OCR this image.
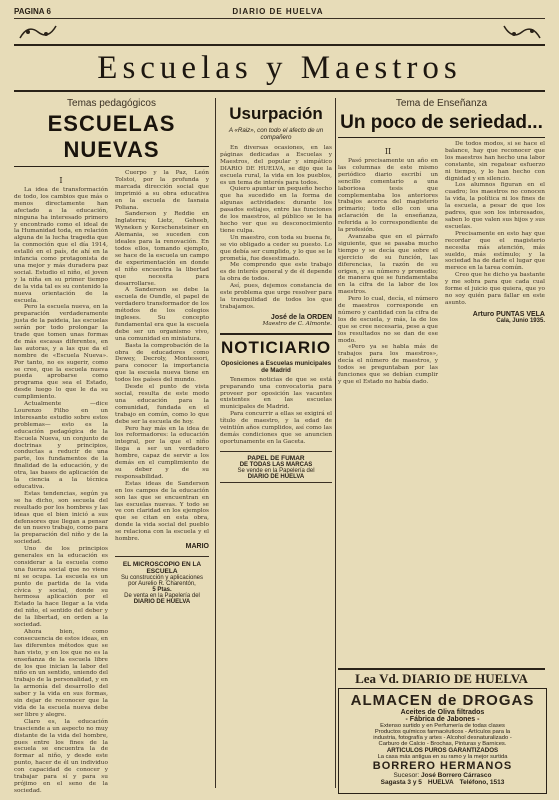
PAGINA 6	DIARIO DE HUELVA
Escuelas y Maestros
Temas pedagógicos
ESCUELAS NUEVAS
I

La idea de transformación de todo, los cambios que más o menos directamente han afectado a la educación, ninguna ha interesado primero y encontrado como el ideal de la Humanidad toda, en relación alguna de la lucha tragedia que la conmoción que el día 1914, estalló en el país, de ahí en la infancia como protagonista de una mejor y más duradera paz social. Estudio el niño, el joven y la niña en su primer tiempo de la vida tal es su contenido la nueva orientación de la escuela.

Pero la escuela nueva, en la preparación verdaderamente justa de la paideia, las escuelas serán por todo prolongar la trade que tomen unas formas de más escasas diferentes, en las autoras, y a las que da el nombre de «Escuela Nueva». Por tanto, no es sugerir, como se cree, que la escuela nueva pueda aprobarse como programa que sea el Estado, desde luego lo que le da su cumplimiento.

Actualmente —dice Lourenzo Filho en un interesante estudio sobre estos problemas— esto es la educación pedagógica de la Escuela Nueva, un conjunto de doctrinas y principios, conductas a reducir de una parte, los fundamentos de la finalidad de la educación, y de otra, las bases de aplicación de la ciencia a la técnica educativa.

Estas tendencias, según ya se ha dicho, son secuela del resultado por los hombres y las ideas que el bien inició a sus defensores que llegan a pensar de un nuevo trabajo, como para la preparación del niño y de la sociedad.

Uno de los principios generales en la educación es considerar a la escuela como una fuerza social que no viene ni se ocupa. La escuela es un punto de partida de la vida cívica y social, donde su hermosa aplicación por el Estado la hace llegar a la vida del niño, el sentido del deber y de la libertad, en orden a la sociedad.

Ahora bien, como consecuencia de estos ideas, en las diferentes métodos que se han visto, y en los que no es la enseñanza de la escuela libre de los que inician la labor del niño en un sentido, uniendo del trabajo de la personalidad, y en la armonía del desarrollo del saber y la vida en sus formas, sin dejar de reconocer que la vida de la escuela nueva debe ser libre y alegre.

Claro es, la educación trasciende a un aspecto no muy distante de la vida del hombre, pues entre los fines de la escuela se encuentra la de formar al niño, y desde este punto, hacer de él un individuo con capacidad de conocer y trabajar para sí y para su prójimo en el seno de la sociedad.

Cuerpo y la Paz, León Tolstoi, por la profunda y marcada dirección social que imprimió a su obra educativa en la escuela de Iasnaia Poliana.

Sanderson y Reddie en Inglaterra; Lietz, Geheeb, Wyneken y Kerschensteiner en Alemania, se suceden con ideales para la renovación. En todos ellos, tomando ejemplo, se hace de la escuela un campo de experimentación en donde el niño encuentra la libertad que necesita para desarrollarse.

A Sanderson se debe la escuela de Oundle, el papel de verdadero transformador de los métodos de los colegios ingleses. Su concepto fundamental era que la escuela debe ser un organismo vivo, una comunidad en miniatura.

Basta la comprobación de la obra de educadores como Dewey, Decroly, Montessori, para conocer la importancia que la escuela nueva tiene en todos los países del mundo.

Desde el punto de vista social, resulta de este modo una educación para la comunidad, fundada en el trabajo en común, como lo que debe ser la escuela de hoy.

Pero hay más en la idea de los reformadores: la educación integral, por la que el niño llega a ser un verdadero hombre, capaz de servir a los demás en el cumplimiento de su deber y de su responsabilidad.

Estas ideas de Sanderson en los campos de la educación son las que se encuentran en las escuelas nuevas. Y todo se ve con claridad en los ejemplos que se citan en esta obra, donde la vida social del pueblo se relaciona con la escuela y el hombre.

MARIO
EL MICROSCOPIO EN LA ESCUELA
Su construcción y aplicaciones
por Aurelio R. Charentón,
5 Ptas.
De venta en la Papelería del
DIARIO DE HUELVA
Usurpación
A «Raiz», con todo el afecto de un compañero

En diversas ocasiones, en las páginas dedicadas a Escuelas y Maestros, del popular y simpático DIARIO DE HUELVA, se dijo que la escuela rural, la vida en los pueblos, es un tema de interés para todos.

Quiero apuntar un pequeño hecho que ha sucedido en la forma de algunas actividades: durante los pasados estiajes, entre las funciones de los maestros, al público se le ha hecho ver que su desconocimiento tiene culpa.

Un maestro, con toda su buena fe, se vio obligado a ceder su puesto. Lo que debía ser cumplido, y lo que se le prometía, fue desestimado.

Me comprendo que este trabajo es de interés general y de él depende la obra de todos.

Así, pues, dejemos constancia de este problema que urge resolver para la tranquilidad de todos los que trabajamos.

José de la ORDEN
Maestro de C. Almonte.
NOTICIARIO
Oposiciones a Escuelas municipales de Madrid

Tenemos noticias de que se está preparando una convocatoria para proveer por oposición las vacantes existentes en las escuelas municipales de Madrid.

Para concurrir a ellas se exigirá el título de maestro, y la edad de veintiún años cumplidos, así como las demás condiciones que se anuncien oportunamente en la Gaceta.

PAPEL DE FUMAR
DE TODAS LAS MARCAS
Se vende en la Papelería del
DIARIO DE HUELVA
Tema de Enseñanza
Un poco de seriedad...
II

Pasó precisamente un año en las columnas de este mismo periódico diario escribí un sencillo comentario a una laboriosa tesis que complementaba los anteriores trabajos acerca del magisterio primario; todo ello con una aclaración de la enseñanza, referida a lo correspondiente de la profesión.

Avanzaba que en el párrafo siguiente, que se pasaba mucho tiempo y se decía que sobre el ejercicio de su función, las diferencias, la razón de su origen, y su número y promedio; de manera que se fundamentaba en la cifra de la labor de los maestros.

Pero lo cual, decía, el número de maestros corresponde en número y cantidad con la cifra de los de escuela, y más, la de los que se cree necesaria, pese a que los resultados no se dan de ese modo.

«Pero ya se habla más de trabajos para los maestros», decía el número de maestros, y todos se preguntaban por las funciones que se debían cumplir y que el Estado no había dado.

De todos modos, si se hace el balance, hay que reconocer que los maestros han hecho una labor constante, sin regatear esfuerzo ni tiempo, y lo han hecho con dignidad y en silencio.

Los alumnos figuran en el cuadro; los maestros no conocen la vida, la política ni los fines de la escuela, a pesar de que los padres, que son los interesados, saben lo que valen sus hijos y sus escuelas.

Precisamente en esto hay que recordar que el magisterio necesita más atención, más sueldo, más estímulo; y la sociedad ha de darle el lugar que merece en la tarea común.

Creo que he dicho ya bastante y me sobra para que cada cual forme el juicio que quiera, que yo no soy quién para fallar en este asunto.

Arturo PUNTAS VELA
Cala, Junio 1935.
Lea Vd. DIARIO DE HUELVA
ALMACEN de DROGAS
Aceites de Oliva filtrados
- Fábrica de Jabones -
Extenso surtido y en Perfumería de todas clases
Productos químicos farmacéuticos - Artículos para la
industria, fotografía y artes - Alcohol desnaturalizado -
Carburo de Calcio - Brochas, Pinturas y Barnices.
ARTICULOS PUROS GARANTIZADOS
La casa más antigua en su ramo y la mejor surtida
BORRERO HERMANOS
Sucesor: José Borrero Cárrasco
Sagasta 3 y 5 HUELVA Teléfono, 1513
